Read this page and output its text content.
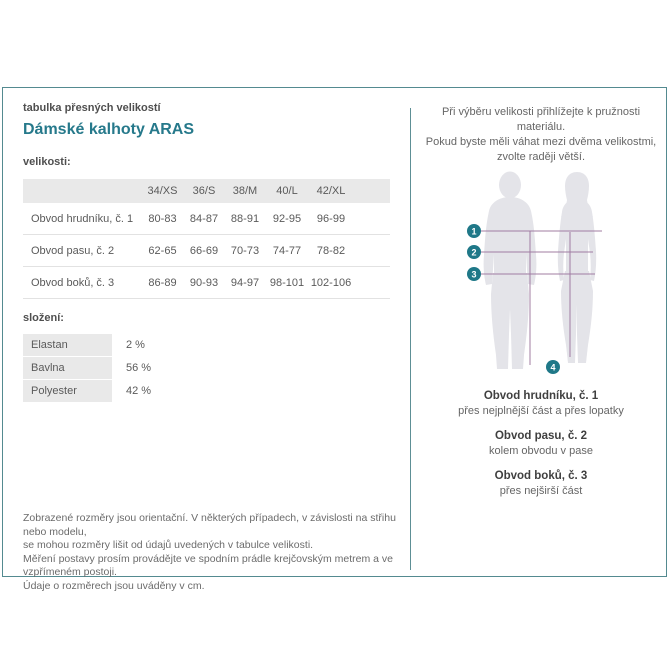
tabulka přesných velikostí
Dámské kalhoty ARAS
velikosti:
	34/XS	36/S	38/M	40/L	42/XL	
Obvod hrudníku, č. 1	80-83	84-87	88-91	92-95	96-99	
Obvod pasu, č. 2	62-65	66-69	70-73	74-77	78-82	
Obvod boků, č. 3	86-89	90-93	94-97	98-101	102-106	
složení:
Elastan	2 %
Bavlna	56 %
Polyester	42 %
Zobrazené rozměry jsou orientační. V některých případech, v závislosti na střihu nebo modelu,
se mohou rozměry lišit od údajů uvedených v tabulce velikosti.
Měření postavy prosím provádějte ve spodním prádle krejčovským metrem a ve vzpřímeném postoji.
Údaje o rozměrech jsou uváděny v cm.
Při výběru velikosti přihlížejte k pružnosti materiálu.
Pokud byste měli váhat mezi dvěma velikostmi,
zvolte raději větší.
1
2
3
4
Obvod hrudníku, č. 1
přes nejplnější část a přes lopatky
Obvod pasu, č. 2
kolem obvodu v pase
Obvod boků, č. 3
přes nejširší část
